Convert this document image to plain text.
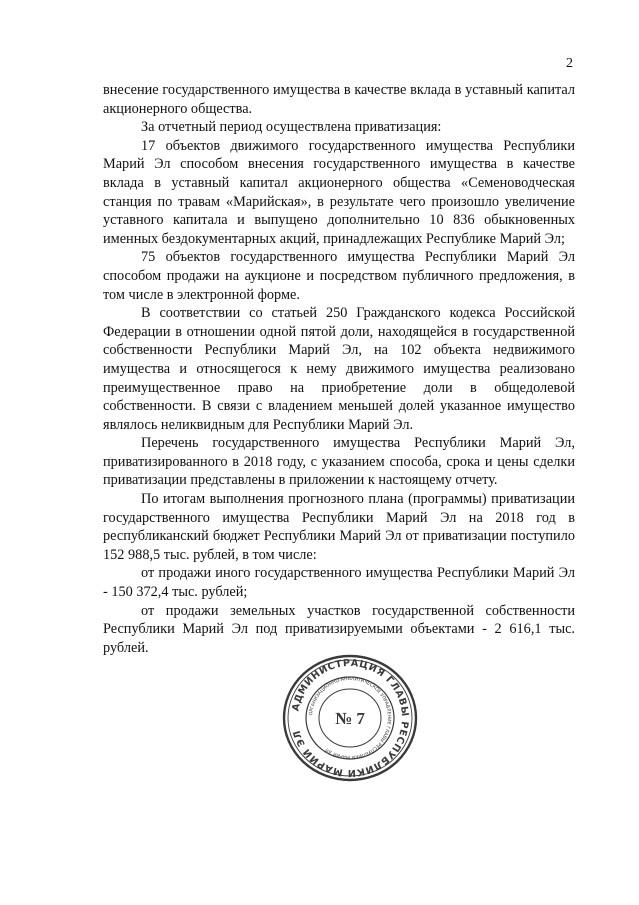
2

внесение государственного имущества в качестве вклада в уставный капитал акционерного общества.

За отчетный период осуществлена приватизация:

17 объектов движимого государственного имущества Республики Марий Эл способом внесения государственного имущества в качестве вклада в уставный капитал акционерного общества «Семеноводческая станция по травам «Марийская», в результате чего произошло увеличение уставного капитала и выпущено дополнительно 10 836 обыкновенных именных бездокументарных акций, принадлежащих Республике Марий Эл;

75 объектов государственного имущества Республики Марий Эл способом продажи на аукционе и посредством публичного предложения, в том числе в электронной форме.

В соответствии со статьей 250 Гражданского кодекса Российской Федерации в отношении одной пятой доли, находящейся в государственной собственности Республики Марий Эл, на 102 объекта недвижимого имущества и относящегося к нему движимого имущества реализовано преимущественное право на приобретение доли в общедолевой собственности. В связи с владением меньшей долей указанное имущество являлось неликвидным для Республики Марий Эл.

Перечень государственного имущества Республики Марий Эл, приватизированного в 2018 году, с указанием способа, срока и цены сделки приватизации представлены в приложении к настоящему отчету.

По итогам выполнения прогнозного плана (программы) приватизации государственного имущества Республики Марий Эл на 2018 год в республиканский бюджет Республики Марий Эл от приватизации поступило 152 988,5 тыс. рублей, в том числе:

от продажи иного государственного имущества Республики Марий Эл - 150 372,4 тыс. рублей;

от продажи земельных участков государственной собственности Республики Марий Эл под приватизируемыми объектами - 2 616,1 тыс. рублей.

АДМИНИСТРАЦИЯ ГЛАВЫ РЕСПУБЛИКИ МАРИЙ ЭЛ
ОРГАНИЗАЦИОННО-АНАЛИТИЧЕСКОЕ УПРАВЛЕНИЕ ГЛАВЫ РЕСПУБЛИКИ МАРИЙ ЭЛ
№ 7
